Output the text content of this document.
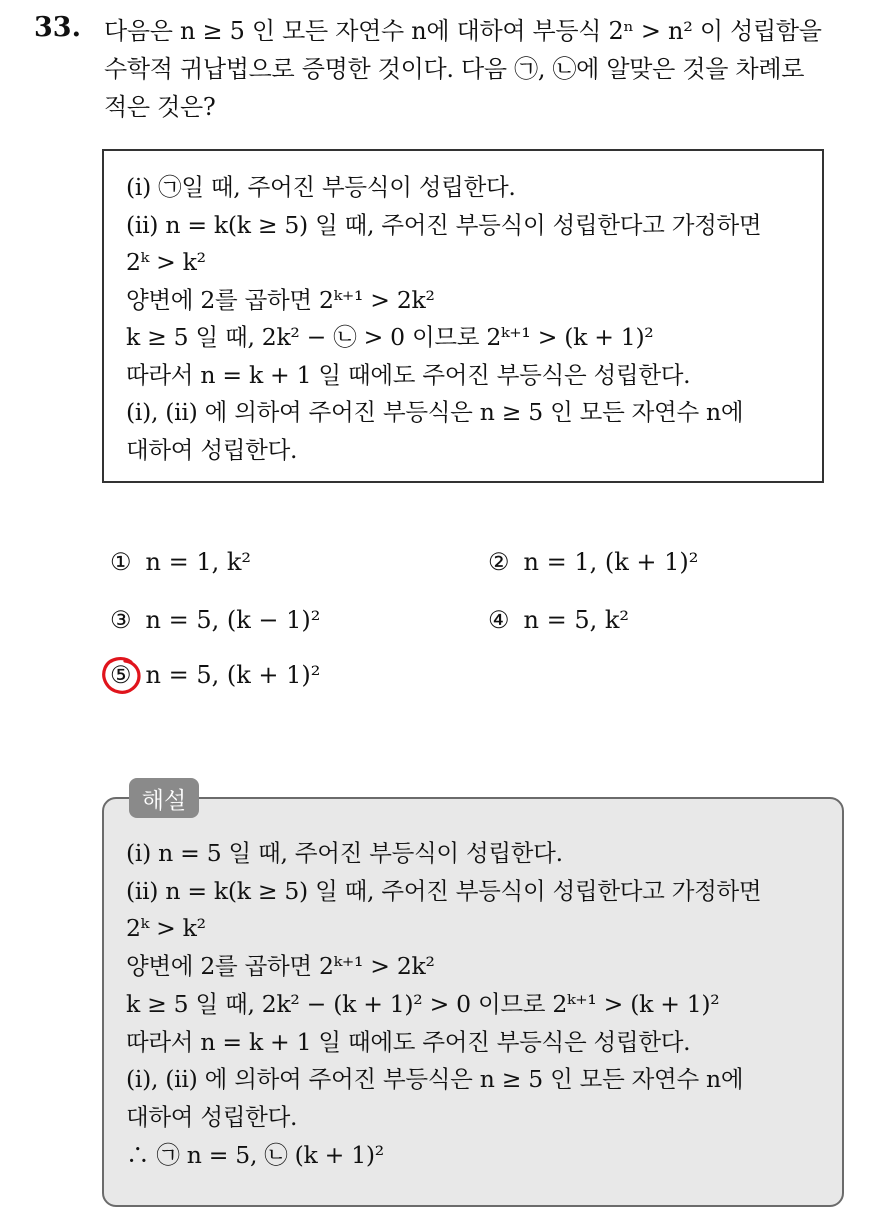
33. 다음은 n ≥ 5 인 모든 자연수 n에 대하여 부등식 2ⁿ > n² 이 성립함을

수학적 귀납법으로 증명한 것이다. 다음 ㉠, ㉡에 알맞은 것을 차례로

적은 것은?

(i) ㉠일 때, 주어진 부등식이 성립한다.

(ii) n = k(k ≥ 5) 일 때, 주어진 부등식이 성립한다고 가정하면

2ᵏ > k²

양변에 2를 곱하면 2ᵏ⁺¹ > 2k²

k ≥ 5 일 때, 2k² − ㉡ > 0 이므로 2ᵏ⁺¹ > (k + 1)²

따라서 n = k + 1 일 때에도 주어진 부등식은 성립한다.

(i), (ii) 에 의하여 주어진 부등식은 n ≥ 5 인 모든 자연수 n에

대하여 성립한다.

① n = 1, k²	② n = 1, (k + 1)²
③ n = 5, (k − 1)²	④ n = 5, k²
⑤ n = 5, (k + 1)²
해설

(i) n = 5 일 때, 주어진 부등식이 성립한다.

(ii) n = k(k ≥ 5) 일 때, 주어진 부등식이 성립한다고 가정하면

2ᵏ > k²

양변에 2를 곱하면 2ᵏ⁺¹ > 2k²

k ≥ 5 일 때, 2k² − (k + 1)² > 0 이므로 2ᵏ⁺¹ > (k + 1)²

따라서 n = k + 1 일 때에도 주어진 부등식은 성립한다.

(i), (ii) 에 의하여 주어진 부등식은 n ≥ 5 인 모든 자연수 n에

대하여 성립한다.

∴ ㉠ n = 5, ㉡ (k + 1)²
